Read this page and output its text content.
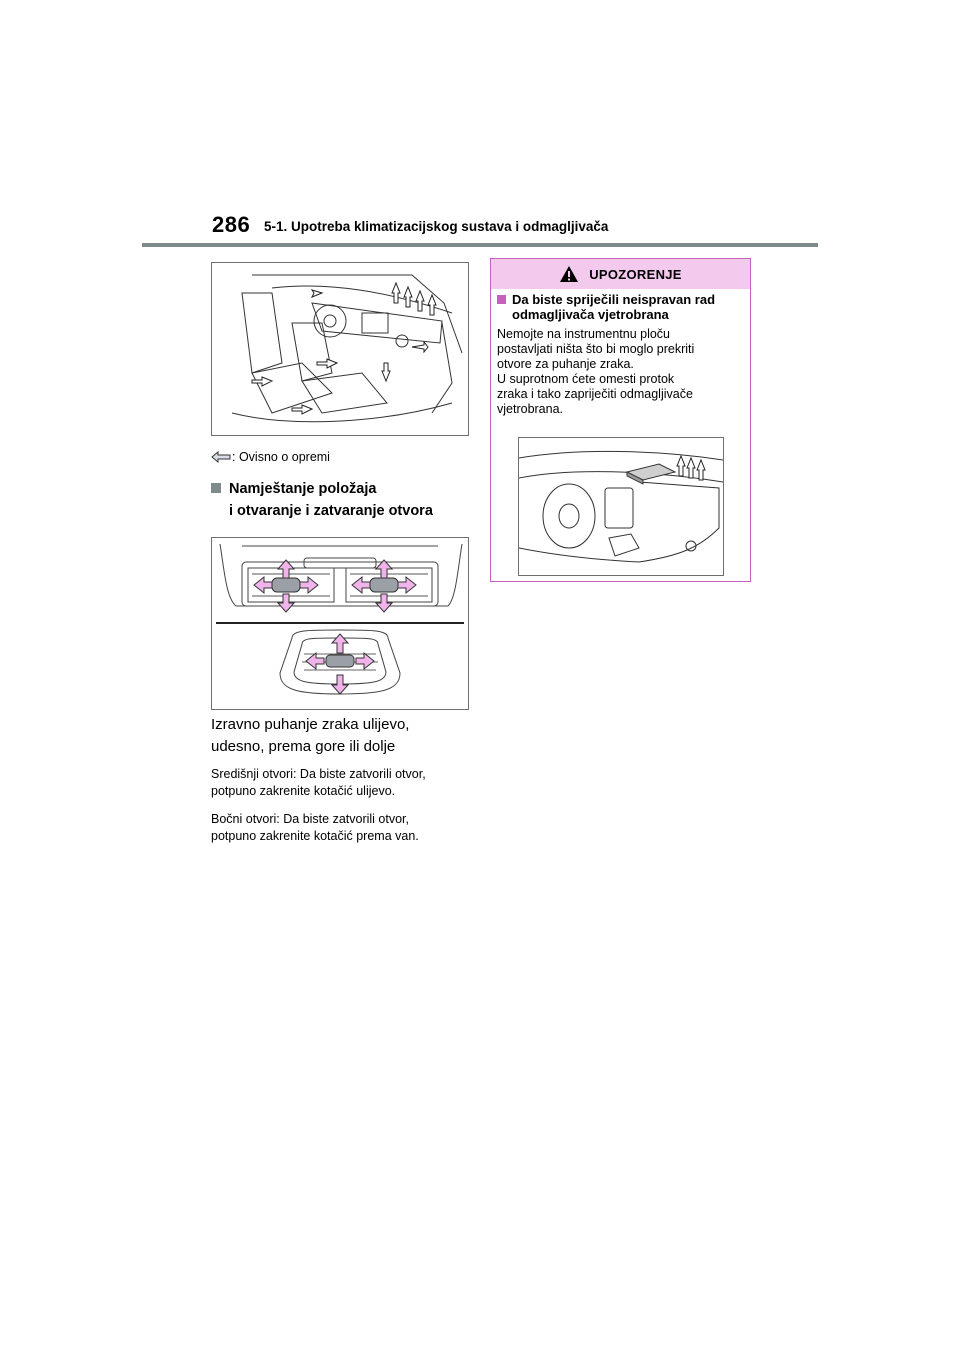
286 5-1. Upotreba klimatizacijskog sustava i odmagljivača
: Ovisno o opremi
Namještanje položaja
i otvaranje i zatvaranje otvora
Izravno puhanje zraka ulijevo,
udesno, prema gore ili dolje
Središnji otvori: Da biste zatvorili otvor,
potpuno zakrenite kotačić ulijevo.
Bočni otvori: Da biste zatvorili otvor,
potpuno zakrenite kotačić prema van.
UPOZORENJE
Da biste spriječili neispravan rad
odmagljivača vjetrobrana
Nemojte na instrumentnu ploču
postavljati ništa što bi moglo prekriti
otvore za puhanje zraka.
U suprotnom ćete omesti protok
zraka i tako zapriječiti odmagljivače
vjetrobrana.
